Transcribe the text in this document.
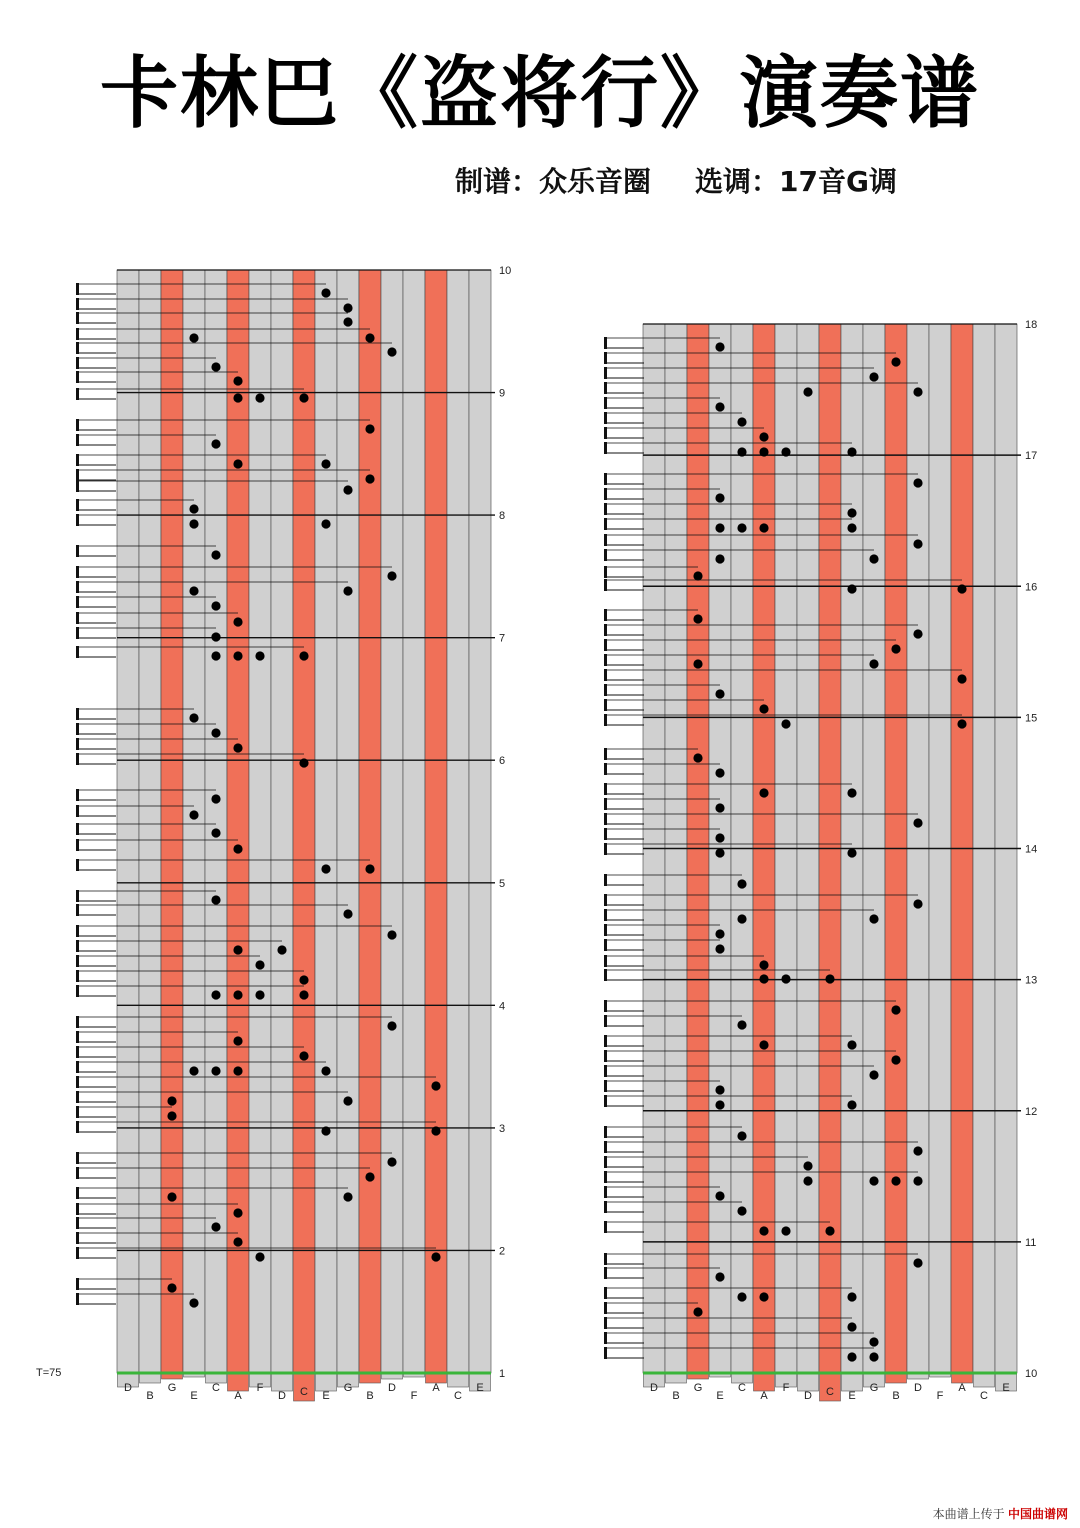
卡林巴《盗将行》演奏谱
制谱：众乐音圈 选调：17音G调
T=75
本曲谱上传于 中国曲谱网
D
B
G
E
C
A
F
D C E
G
B
D
F
A
C
E
10
9
8
7
6
5
4
3
2
1
D
B
G
E
C
A
F
D C E
G
B
D
F
A
C
E
18
17
16
15
14
13
12
11
10
